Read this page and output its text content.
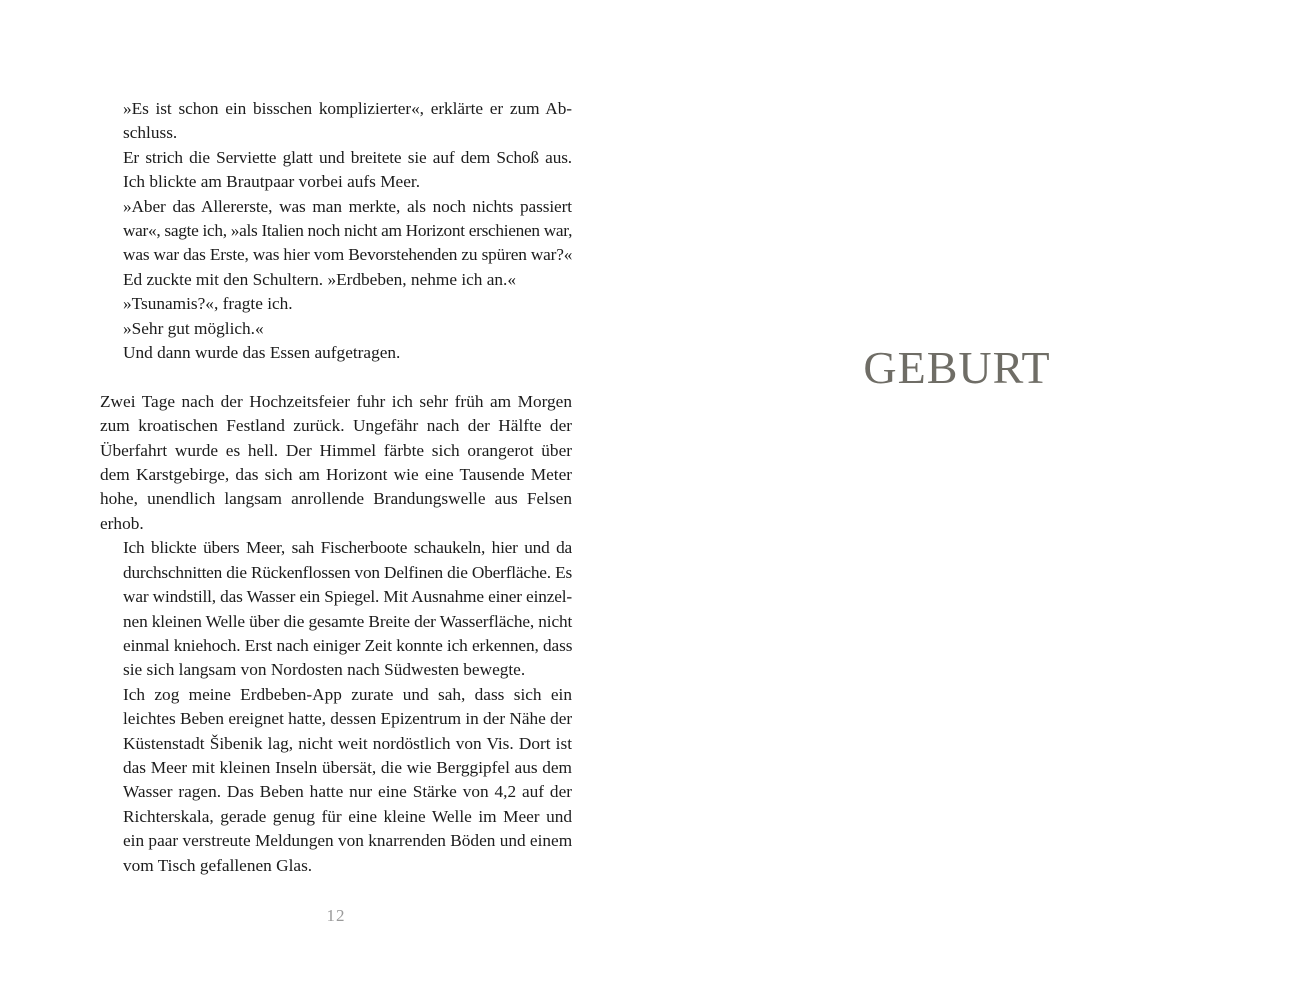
»Es ist schon ein bisschen komplizierter«, erklärte er zum Ab-
schluss.

Er strich die Serviette glatt und breitete sie auf dem Schoß aus.
Ich blickte am Brautpaar vorbei aufs Meer.

»Aber das Allererste, was man merkte, als noch nichts passiert
war«, sagte ich, »als Italien noch nicht am Horizont erschienen war,
was war das Erste, was hier vom Bevorstehenden zu spüren war?«

Ed zuckte mit den Schultern. »Erdbeben, nehme ich an.«

»Tsunamis?«, fragte ich.

»Sehr gut möglich.«

Und dann wurde das Essen aufgetragen.

Zwei Tage nach der Hochzeitsfeier fuhr ich sehr früh am Morgen
zum kroatischen Festland zurück. Ungefähr nach der Hälfte der
Überfahrt wurde es hell. Der Himmel färbte sich orangerot über
dem Karstgebirge, das sich am Horizont wie eine Tausende Meter
hohe, unendlich langsam anrollende Brandungswelle aus Felsen
erhob.

Ich blickte übers Meer, sah Fischerboote schaukeln, hier und da
durchschnitten die Rückenflossen von Delfinen die Oberfläche. Es
war windstill, das Wasser ein Spiegel. Mit Ausnahme einer einzel-
nen kleinen Welle über die gesamte Breite der Wasserfläche, nicht
einmal kniehoch. Erst nach einiger Zeit konnte ich erkennen, dass
sie sich langsam von Nordosten nach Südwesten bewegte.

Ich zog meine Erdbeben-App zurate und sah, dass sich ein
leichtes Beben ereignet hatte, dessen Epizentrum in der Nähe der
Küstenstadt Šibenik lag, nicht weit nordöstlich von Vis. Dort ist
das Meer mit kleinen Inseln übersät, die wie Berggipfel aus dem
Wasser ragen. Das Beben hatte nur eine Stärke von 4,2 auf der
Richterskala, gerade genug für eine kleine Welle im Meer und
ein paar verstreute Meldungen von knarrenden Böden und einem
vom Tisch gefallenen Glas.

12
GEBURT
